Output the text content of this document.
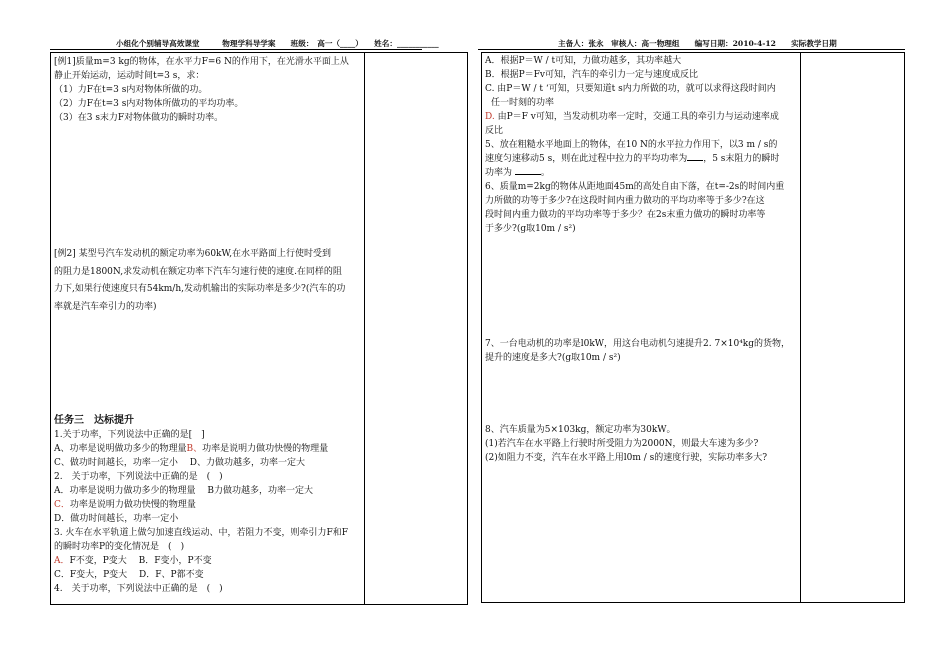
小组化个别辅导高效课堂　　　物理学科导学案　　班级：　高一（____）　　姓名：___________	主备人：张永　审核人：高一物理组　　编写日期：2010-4-12　　实际教学日期

[例1]质量m=3 kg的物体，在水平力F=6 N的作用下，在光滑水平面上从

静止开始运动，运动时间t=3 s，求：

（1）力F在t=3 s内对物体所做的功。

（2）力F在t=3 s内对物体所做功的平均功率。

（3）在3 s末力F对物体做功的瞬时功率。

[例2] 某型号汽车发动机的额定功率为60kW,在水平路面上行使时受到

的阻力是1800N,求发动机在额定功率下汽车匀速行使的速度.在同样的阻

力下,如果行使速度只有54km/h,发动机输出的实际功率是多少?(汽车的功

率就是汽车牵引力的功率)

任务三　达标提升

1.关于功率，下列说法中正确的是[　]

A、功率是说明做功多少的物理量B、功率是说明力做功快慢的物理量

C、做功时间越长，功率一定小　 D、力做功越多，功率一定大

2.　关于功率，下列说法中正确的是　(　)

A．功率是说明力做功多少的物理量　 B力做功越多，功率一定大

C．功率是说明力做功快慢的物理量

D．做功时间越长，功率一定小

3. 火车在水平轨道上做匀加速直线运动、中，若阻力不变，则牵引力F和F

的瞬时功率P的变化情况是　(　)

A．F不变，P变大　 B．F变小，P不变

C．F变大，P变大　 D．F、P都不变

4.　关于功率，下列说法中正确的是　(　)

A．根据P＝W / t可知，力做功越多，其功率越大

B．根据P＝Fv可知，汽车的牵引力一定与速度成反比

C. 由P＝W / t ‘可知，只要知道t s内力所做的功，就可以求得这段时间内

任一时刻的功率

D. 由P＝F v可知，当发动机功率一定时，交通工具的牵引力与运动速率成

反比

5、放在粗糙水平地面上的物体，在10 N的水平拉力作用下，以3 m / s的

速度匀速移动5 s，则在此过程中拉力的平均功率为 ，5 s末阻力的瞬时

功率为	。

6、质量m=2kg的物体从距地面45m的高处自由下落，在t=-2s的时间内重

力所做的功等于多少?在这段时间内重力做功的平均功率等于多少?在这

段时间内重力做功的平均功率等于多少？在2s末重力做功的瞬时功率等

于多少?(g取10m / s²)

7、一台电动机的功率是l0kW，用这台电动机匀速提升2. 7×10⁴kg的货物，

提升的速度是多大?(g取10m / s²)

8、汽车质量为5×103kg，额定功率为30kW。

(1)若汽车在水平路上行驶时所受阻力为2000N，则最大车速为多少?

(2)如阻力不变，汽车在水平路上用l0m / s的速度行驶，实际功率多大?
